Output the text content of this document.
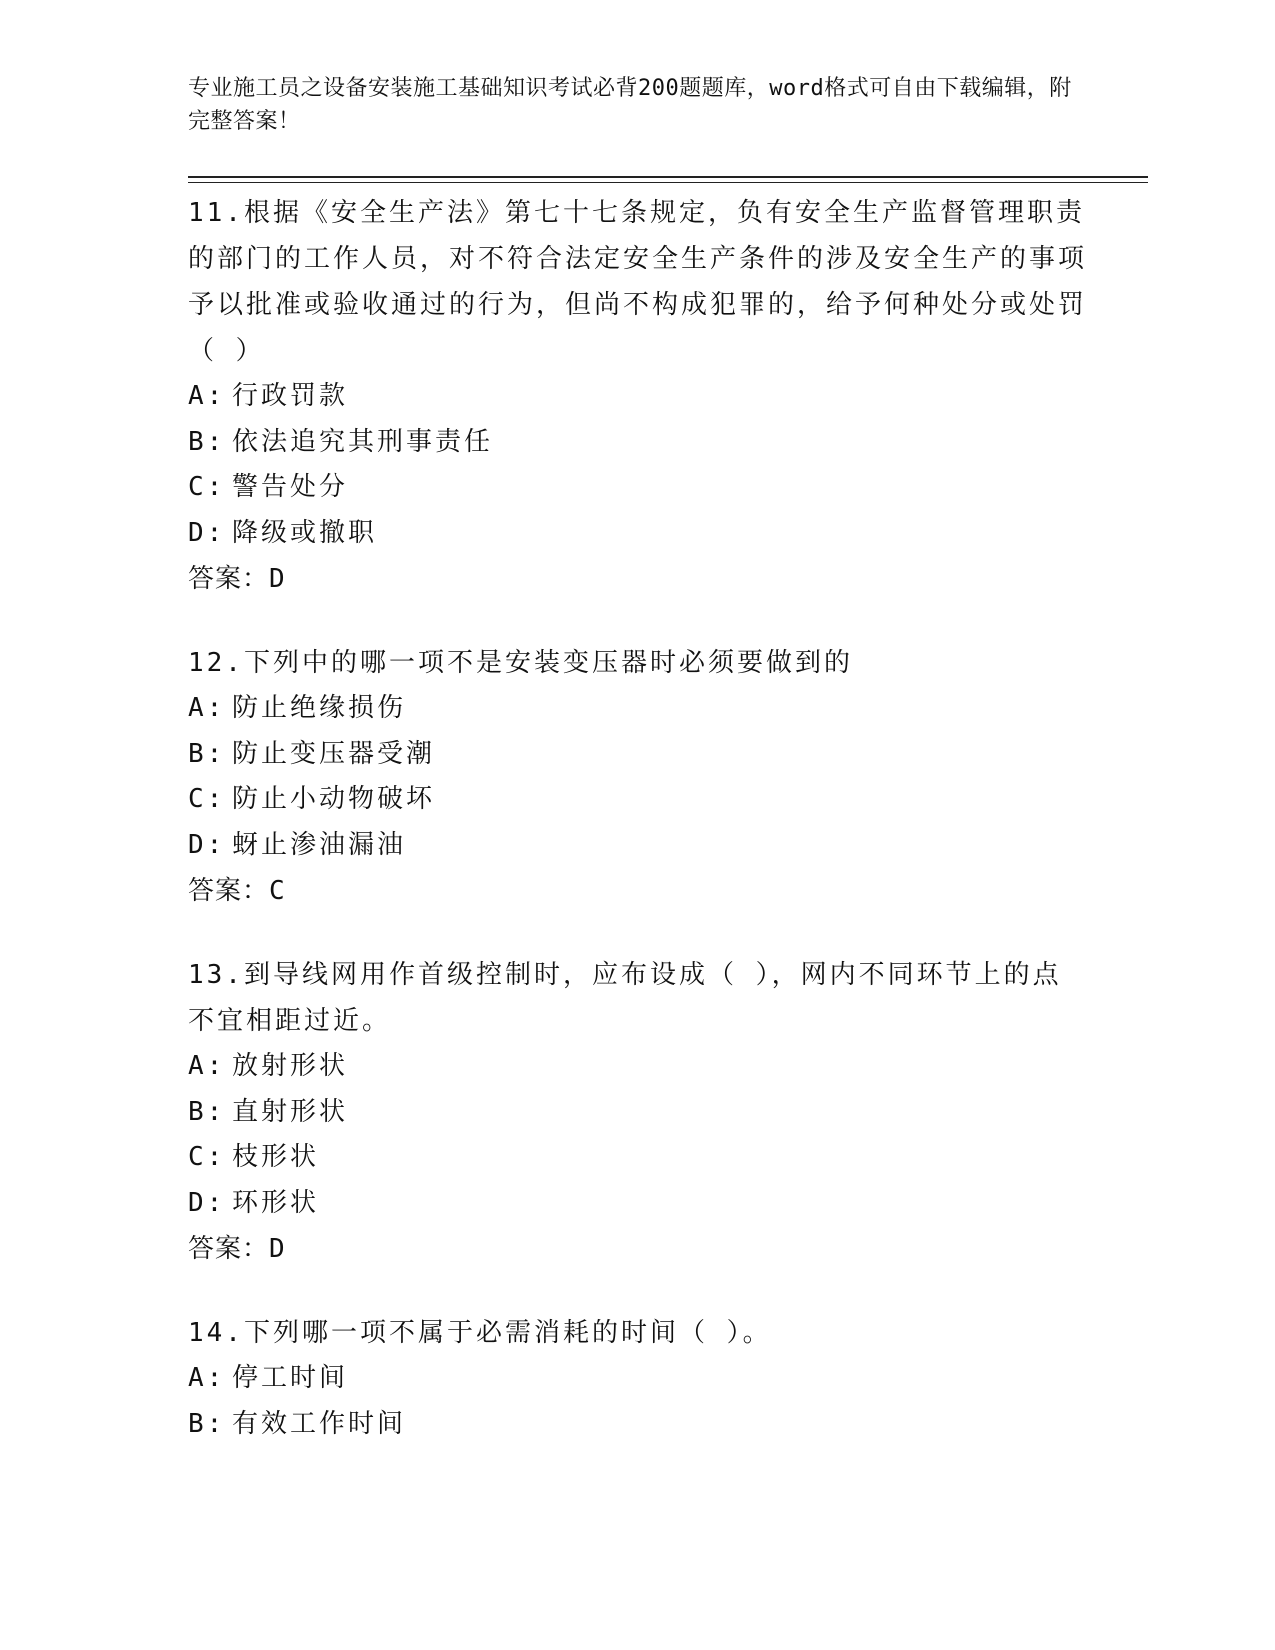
专业施工员之设备安装施工基础知识考试必背200题题库，word格式可自由下载编辑，附完整答案！
11.根据《安全生产法》第七十七条规定，负有安全生产监督管理职责的部门的工作人员，对不符合法定安全生产条件的涉及安全生产的事项予以批准或验收通过的行为，但尚不构成犯罪的，给予何种处分或处罚（ ）
A: 行政罚款
B: 依法追究其刑事责任
C: 警告处分
D: 降级或撤职
答案：D
12.下列中的哪一项不是安装变压器时必须要做到的
A: 防止绝缘损伤
B: 防止变压器受潮
C: 防止小动物破坏
D: 蚜止渗油漏油
答案：C
13.到导线网用作首级控制时，应布设成（ ），网内不同环节上的点不宜相距过近。
A: 放射形状
B: 直射形状
C: 枝形状
D: 环形状
答案：D
14.下列哪一项不属于必需消耗的时间（ ）。
A: 停工时间
B: 有效工作时间
